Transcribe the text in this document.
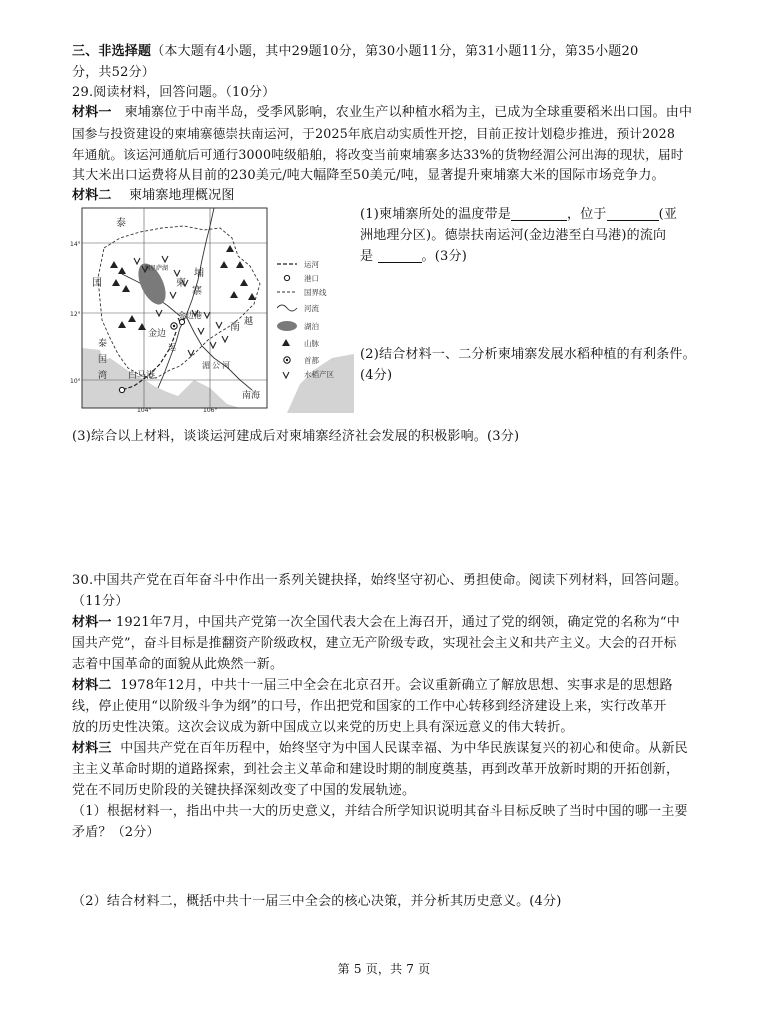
三、非选择题（本大题有4小题，其中29题10分，第30小题11分，第31小题11分，第35小题20
分，共52分）
29.阅读材料，回答问题。（10分）
材料一 柬埔寨位于中南半岛，受季风影响，农业生产以种植水稻为主，已成为全球重要稻米出口国。由中
国参与投资建设的柬埔寨德崇扶南运河，于2025年底启动实质性开挖，目前正按计划稳步推进，预计2028
年通航。该运河通航后可通行3000吨级船舶，将改变当前柬埔寨多达33%的货物经湄公河出海的现状，届时
其大米出口运费将从目前的230美元/吨大幅降至50美元/吨，显著提升柬埔寨大米的国际市场竞争力。
材料二 柬埔寨地理概况图
泰
国
洞里萨湖
柬
埔
寨
金边
金边港
南 越
运
湄 公 河
泰
国
湾 白马港
南海
14°
12°
10°
104°	106°
运河
港口
国界线
河流
湖泊
山脉
首都
水稻产区
(1)柬埔寨所处的温度带是	，位于	(亚
洲地理分区)。德崇扶南运河(金边港至白马港)的流向
是	。(3分)
(2)结合材料一、二分析柬埔寨发展水稻种植的有利条件。
(4分)
(3)综合以上材料，谈谈运河建成后对柬埔寨经济社会发展的积极影响。(3分)
30.中国共产党在百年奋斗中作出一系列关键抉择，始终坚守初心、勇担使命。阅读下列材料，回答问题。
（11分）
材料一 1921年7月，中国共产党第一次全国代表大会在上海召开，通过了党的纲领，确定党的名称为“中
国共产党”，奋斗目标是推翻资产阶级政权，建立无产阶级专政，实现社会主义和共产主义。大会的召开标
志着中国革命的面貌从此焕然一新。
材料二 1978年12月，中共十一届三中全会在北京召开。会议重新确立了解放思想、实事求是的思想路
线，停止使用“以阶级斗争为纲”的口号，作出把党和国家的工作中心转移到经济建设上来，实行改革开
放的历史性决策。这次会议成为新中国成立以来党的历史上具有深远意义的伟大转折。
材料三 中国共产党在百年历程中，始终坚守为中国人民谋幸福、为中华民族谋复兴的初心和使命。从新民
主主义革命时期的道路探索，到社会主义革命和建设时期的制度奠基，再到改革开放新时期的开拓创新，
党在不同历史阶段的关键抉择深刻改变了中国的发展轨迹。
（1）根据材料一，指出中共一大的历史意义，并结合所学知识说明其奋斗目标反映了当时中国的哪一主要
矛盾？（2分）
（2）结合材料二，概括中共十一届三中全会的核心决策，并分析其历史意义。(4分)
第 5 页，共 7 页
